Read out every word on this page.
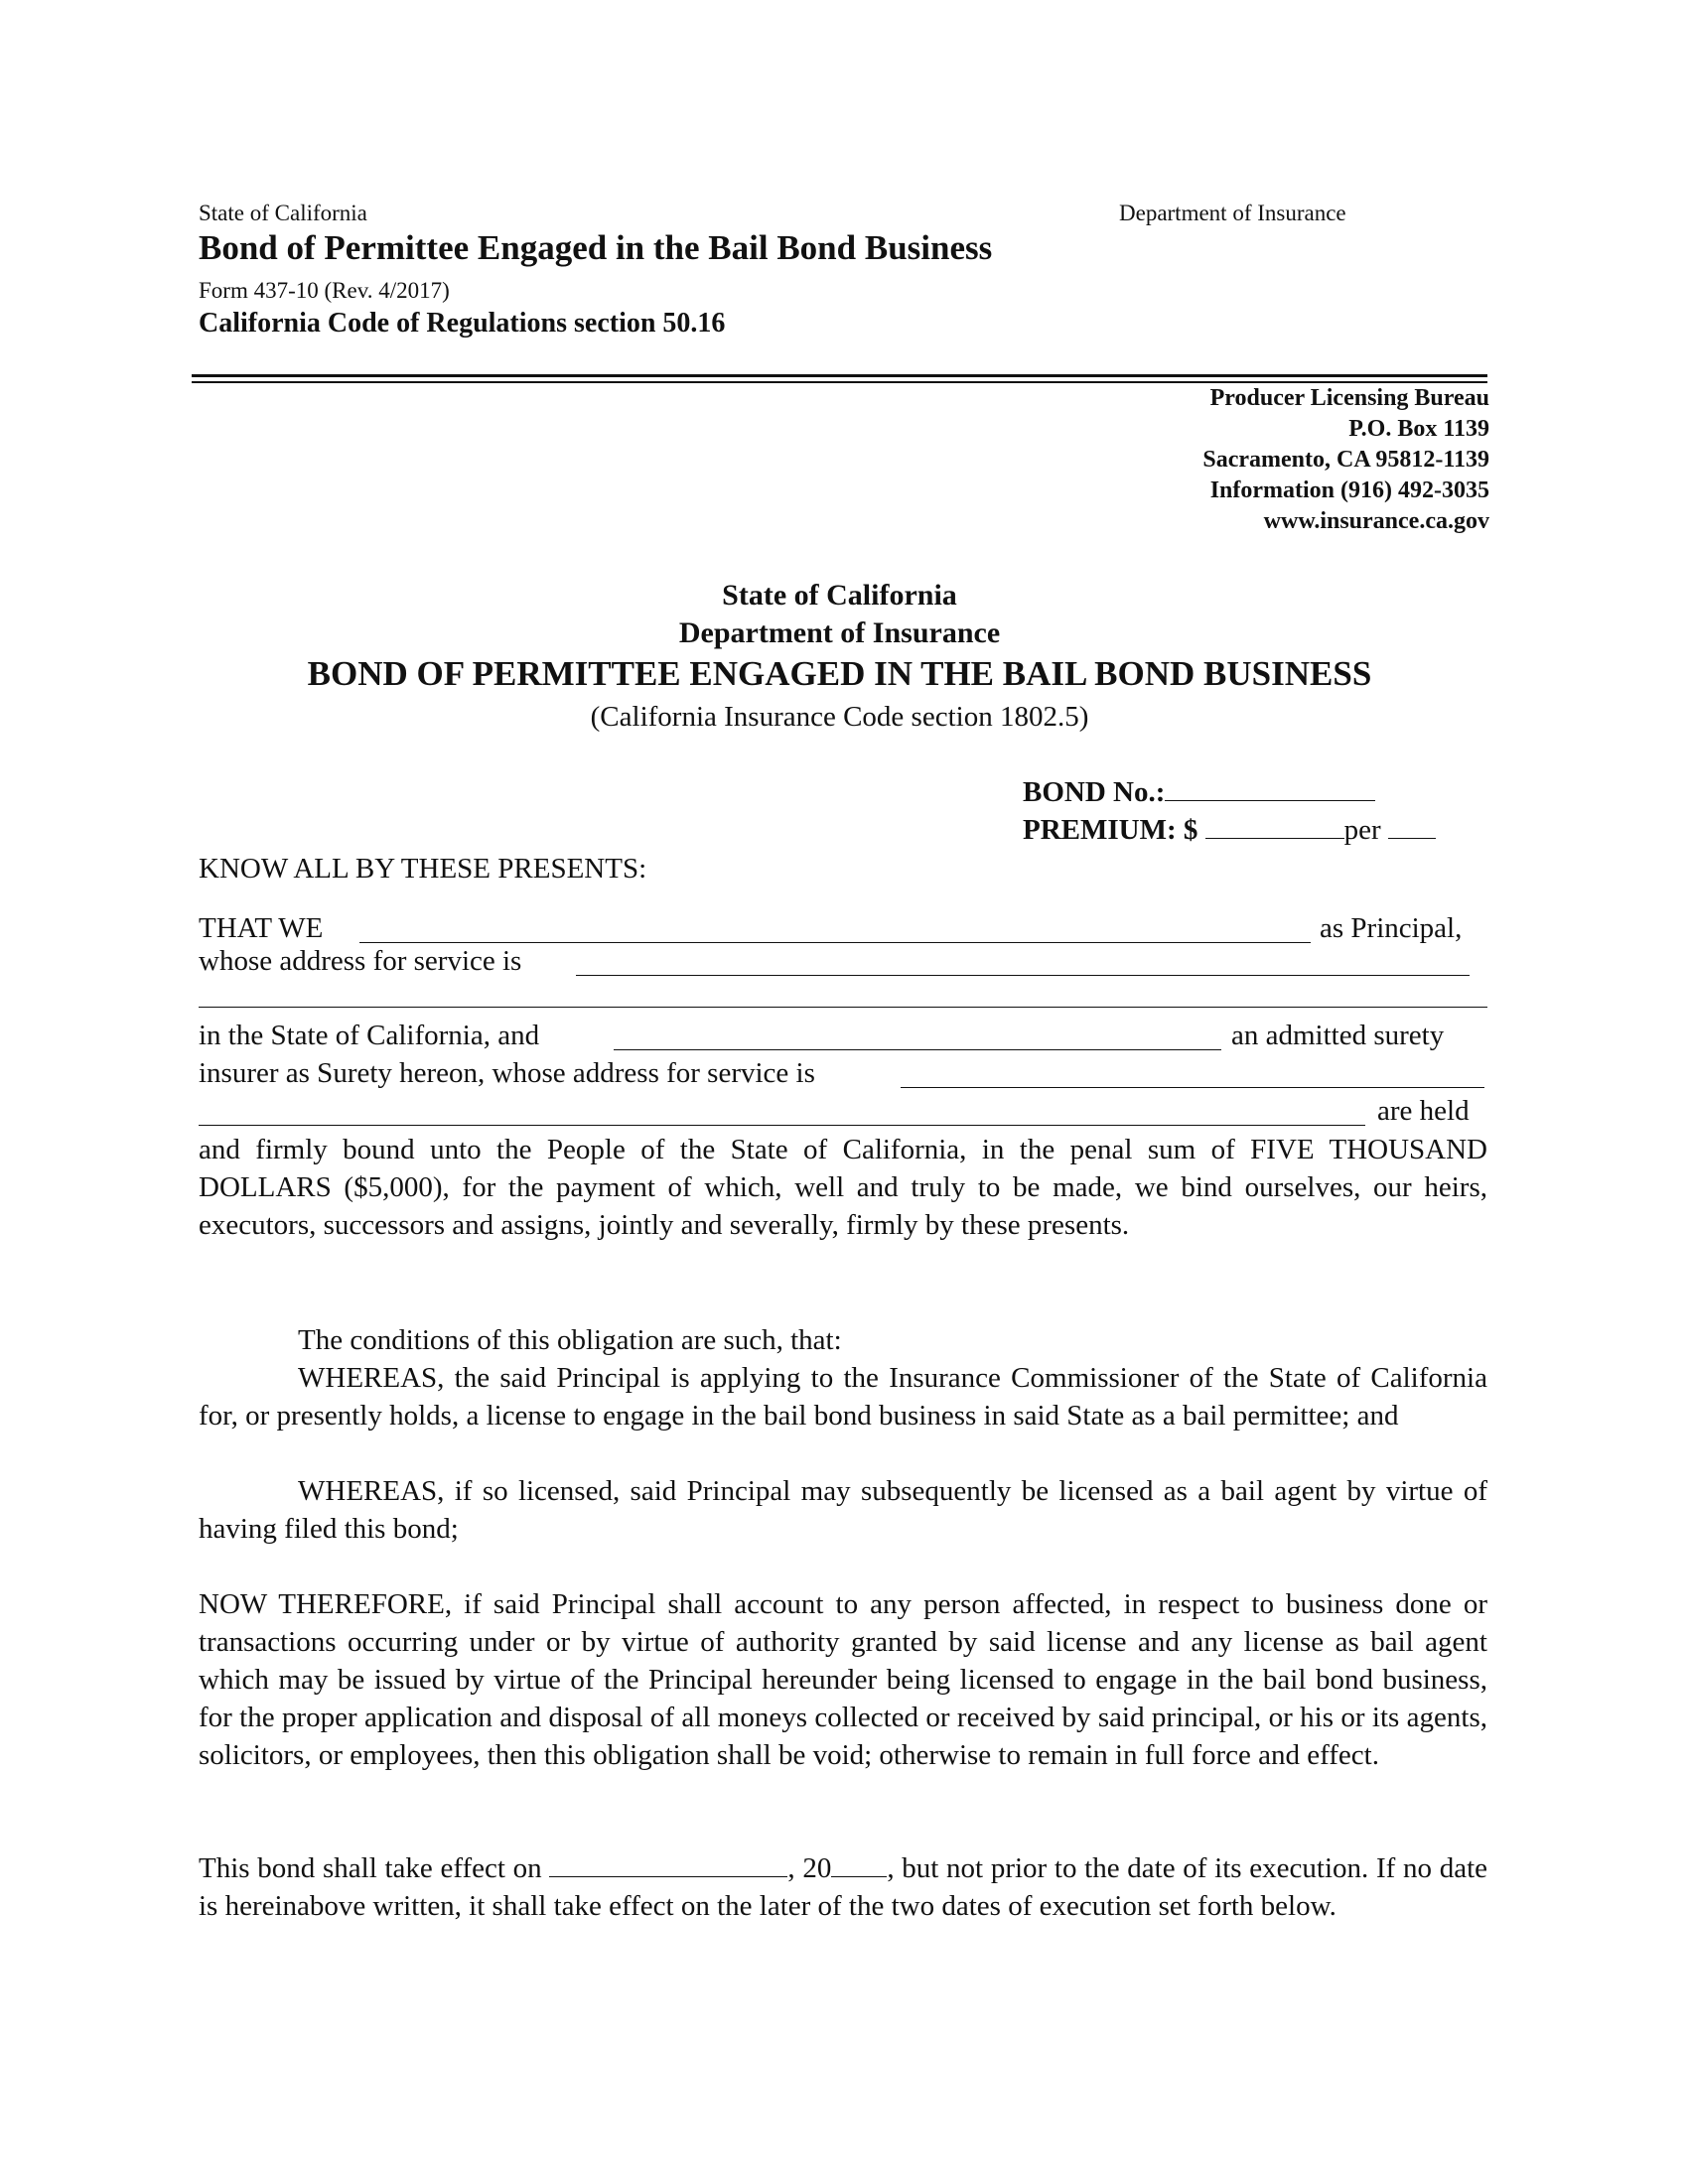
State of California	Department of Insurance
Bond of Permittee Engaged in the Bail Bond Business
Form 437-10 (Rev. 4/2017)
California Code of Regulations section 50.16
Producer Licensing Bureau
P.O. Box 1139
Sacramento, CA 95812-1139
Information (916) 492-3035
www.insurance.ca.gov
State of California
Department of Insurance
BOND OF PERMITTEE ENGAGED IN THE BAIL BOND BUSINESS
(California Insurance Code section 1802.5)
BOND No.:
PREMIUM: $	per
KNOW ALL BY THESE PRESENTS:
THAT WE	as Principal,
whose address for service is
in the State of California, and	an admitted surety
insurer as Surety hereon, whose address for service is
are held
and firmly bound unto the People of the State of California, in the penal sum of FIVE THOUSAND DOLLARS ($5,000), for the payment of which, well and truly to be made, we bind ourselves, our heirs, executors, successors and assigns, jointly and severally, firmly by these presents.
The conditions of this obligation are such, that:
WHEREAS, the said Principal is applying to the Insurance Commissioner of the State of California for, or presently holds, a license to engage in the bail bond business in said State as a bail permittee; and
WHEREAS, if so licensed, said Principal may subsequently be licensed as a bail agent by virtue of having filed this bond;
NOW THEREFORE, if said Principal shall account to any person affected, in respect to business done or transactions occurring under or by virtue of authority granted by said license and any license as bail agent which may be issued by virtue of the Principal hereunder being licensed to engage in the bail bond business, for the proper application and disposal of all moneys collected or received by said principal, or his or its agents, solicitors, or employees, then this obligation shall be void; otherwise to remain in full force and effect.
This bond shall take effect on	, 20 , but not prior to the date of its execution. If no date is hereinabove written, it shall take effect on the later of the two dates of execution set forth below.
